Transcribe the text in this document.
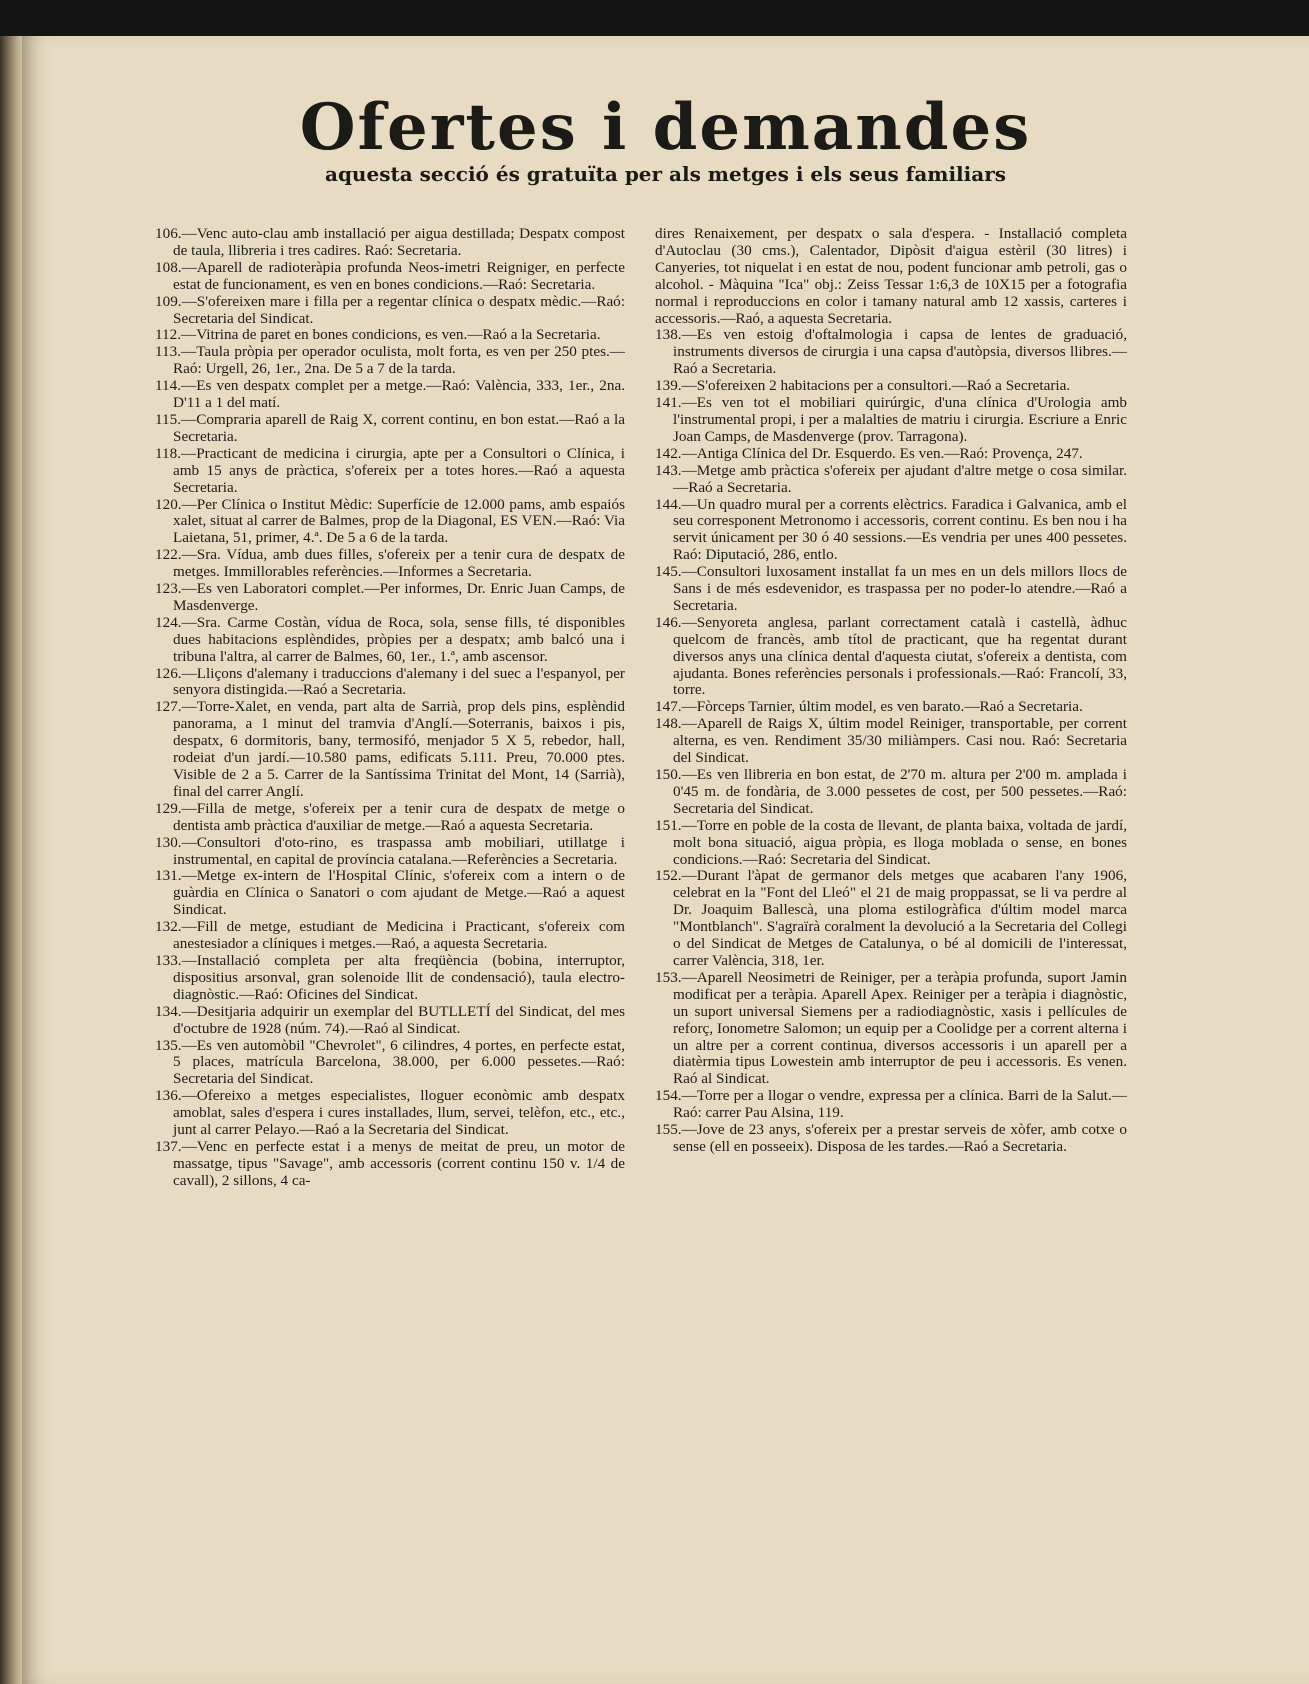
Ofertes i demandes
aquesta secció és gratuïta per als metges i els seus familiars

106.—Venc auto-clau amb installació per aigua destillada; Despatx compost de taula, llibreria i tres cadires. Raó: Secretaria.

108.—Aparell de radioteràpia profunda Neos-imetri Reigniger, en perfecte estat de funcionament, es ven en bones condicions.—Raó: Secretaria.

109.—S'ofereixen mare i filla per a regentar clínica o despatx mèdic.—Raó: Secretaria del Sindicat.

112.—Vitrina de paret en bones condicions, es ven.—Raó a la Secretaria.

113.—Taula pròpia per operador oculista, molt forta, es ven per 250 ptes.—Raó: Urgell, 26, 1er., 2na. De 5 a 7 de la tarda.

114.—Es ven despatx complet per a metge.—Raó: València, 333, 1er., 2na. D'11 a 1 del matí.

115.—Compraria aparell de Raig X, corrent continu, en bon estat.—Raó a la Secretaria.

118.—Practicant de medicina i cirurgia, apte per a Consultori o Clínica, i amb 15 anys de pràctica, s'ofereix per a totes hores.—Raó a aquesta Secretaria.

120.—Per Clínica o Institut Mèdic: Superfície de 12.000 pams, amb espaiós xalet, situat al carrer de Balmes, prop de la Diagonal, ES VEN.—Raó: Via Laietana, 51, primer, 4.ª. De 5 a 6 de la tarda.

122.—Sra. Vídua, amb dues filles, s'ofereix per a tenir cura de despatx de metges. Immillorables referències.—Informes a Secretaria.

123.—Es ven Laboratori complet.—Per informes, Dr. Enric Juan Camps, de Masdenverge.

124.—Sra. Carme Costàn, vídua de Roca, sola, sense fills, té disponibles dues habitacions esplèndides, pròpies per a despatx; amb balcó una i tribuna l'altra, al carrer de Balmes, 60, 1er., 1.ª, amb ascensor.

126.—Lliçons d'alemany i traduccions d'alemany i del suec a l'espanyol, per senyora distingida.—Raó a Secretaria.

127.—Torre-Xalet, en venda, part alta de Sarrià, prop dels pins, esplèndid panorama, a 1 minut del tramvia d'Anglí.—Soterranis, baixos i pis, despatx, 6 dormitoris, bany, termosifó, menjador 5 X 5, rebedor, hall, rodeiat d'un jardí.—10.580 pams, edificats 5.111. Preu, 70.000 ptes. Visible de 2 a 5. Carrer de la Santíssima Trinitat del Mont, 14 (Sarrià), final del carrer Anglí.

129.—Filla de metge, s'ofereix per a tenir cura de despatx de metge o dentista amb pràctica d'auxiliar de metge.—Raó a aquesta Secretaria.

130.—Consultori d'oto-rino, es traspassa amb mobiliari, utillatge i instrumental, en capital de província catalana.—Referències a Secretaria.

131.—Metge ex-intern de l'Hospital Clínic, s'ofereix com a intern o de guàrdia en Clínica o Sanatori o com ajudant de Metge.—Raó a aquest Sindicat.

132.—Fill de metge, estudiant de Medicina i Practicant, s'ofereix com anestesiador a clíniques i metges.—Raó, a aquesta Secretaria.

133.—Installació completa per alta freqüència (bobina, interruptor, dispositius arsonval, gran solenoide llit de condensació), taula electro-diagnòstic.—Raó: Oficines del Sindicat.

134.—Desitjaria adquirir un exemplar del BUTLLETÍ del Sindicat, del mes d'octubre de 1928 (núm. 74).—Raó al Sindicat.

135.—Es ven automòbil "Chevrolet", 6 cilindres, 4 portes, en perfecte estat, 5 places, matrícula Barcelona, 38.000, per 6.000 pessetes.—Raó: Secretaria del Sindicat.

136.—Ofereixo a metges especialistes, lloguer econòmic amb despatx amoblat, sales d'espera i cures installades, llum, servei, telèfon, etc., etc., junt al carrer Pelayo.—Raó a la Secretaria del Sindicat.

137.—Venc en perfecte estat i a menys de meitat de preu, un motor de massatge, tipus "Savage", amb accessoris (corrent continu 150 v. 1/4 de cavall), 2 sillons, 4 ca-

dires Renaixement, per despatx o sala d'espera. - Installació completa d'Autoclau (30 cms.), Calentador, Dipòsit d'aigua estèril (30 litres) i Canyeries, tot niquelat i en estat de nou, podent funcionar amb petroli, gas o alcohol. - Màquina "Ica" obj.: Zeiss Tessar 1:6,3 de 10X15 per a fotografia normal i reproduccions en color i tamany natural amb 12 xassis, carteres i accessoris.—Raó, a aquesta Secretaria.

138.—Es ven estoig d'oftalmologia i capsa de lentes de graduació, instruments diversos de cirurgia i una capsa d'autòpsia, diversos llibres.—Raó a Secretaria.

139.—S'ofereixen 2 habitacions per a consultori.—Raó a Secretaria.

141.—Es ven tot el mobiliari quirúrgic, d'una clínica d'Urologia amb l'instrumental propi, i per a malalties de matriu i cirurgia. Escriure a Enric Joan Camps, de Masdenverge (prov. Tarragona).

142.—Antiga Clínica del Dr. Esquerdo. Es ven.—Raó: Provença, 247.

143.—Metge amb pràctica s'ofereix per ajudant d'altre metge o cosa similar.—Raó a Secretaria.

144.—Un quadro mural per a corrents elèctrics. Faradica i Galvanica, amb el seu corresponent Metronomo i accessoris, corrent continu. Es ben nou i ha servit únicament per 30 ó 40 sessions.—Es vendria per unes 400 pessetes. Raó: Diputació, 286, entlo.

145.—Consultori luxosament installat fa un mes en un dels millors llocs de Sans i de més esdevenidor, es traspassa per no poder-lo atendre.—Raó a Secretaria.

146.—Senyoreta anglesa, parlant correctament català i castellà, àdhuc quelcom de francès, amb títol de practicant, que ha regentat durant diversos anys una clínica dental d'aquesta ciutat, s'ofereix a dentista, com ajudanta. Bones referències personals i professionals.—Raó: Francolí, 33, torre.

147.—Fòrceps Tarnier, últim model, es ven barato.—Raó a Secretaria.

148.—Aparell de Raigs X, últim model Reiniger, transportable, per corrent alterna, es ven. Rendiment 35/30 miliàmpers. Casi nou. Raó: Secretaria del Sindicat.

150.—Es ven llibreria en bon estat, de 2'70 m. altura per 2'00 m. amplada i 0'45 m. de fondària, de 3.000 pessetes de cost, per 500 pessetes.—Raó: Secretaria del Sindicat.

151.—Torre en poble de la costa de llevant, de planta baixa, voltada de jardí, molt bona situació, aigua pròpia, es lloga moblada o sense, en bones condicions.—Raó: Secretaria del Sindicat.

152.—Durant l'àpat de germanor dels metges que acabaren l'any 1906, celebrat en la "Font del Lleó" el 21 de maig proppassat, se li va perdre al Dr. Joaquim Ballescà, una ploma estilogràfica d'últim model marca "Montblanch". S'agraïrà coralment la devolució a la Secretaria del Collegi o del Sindicat de Metges de Catalunya, o bé al domicili de l'interessat, carrer València, 318, 1er.

153.—Aparell Neosimetri de Reiniger, per a teràpia profunda, suport Jamin modificat per a teràpia. Aparell Apex. Reiniger per a teràpia i diagnòstic, un suport universal Siemens per a radiodiagnòstic, xasis i pellícules de reforç, Ionometre Salomon; un equip per a Coolidge per a corrent alterna i un altre per a corrent continua, diversos accessoris i un aparell per a diatèrmia tipus Lowestein amb interruptor de peu i accessoris. Es venen. Raó al Sindicat.

154.—Torre per a llogar o vendre, expressa per a clínica. Barri de la Salut.—Raó: carrer Pau Alsina, 119.

155.—Jove de 23 anys, s'ofereix per a prestar serveis de xòfer, amb cotxe o sense (ell en posseeix). Disposa de les tardes.—Raó a Secretaria.
